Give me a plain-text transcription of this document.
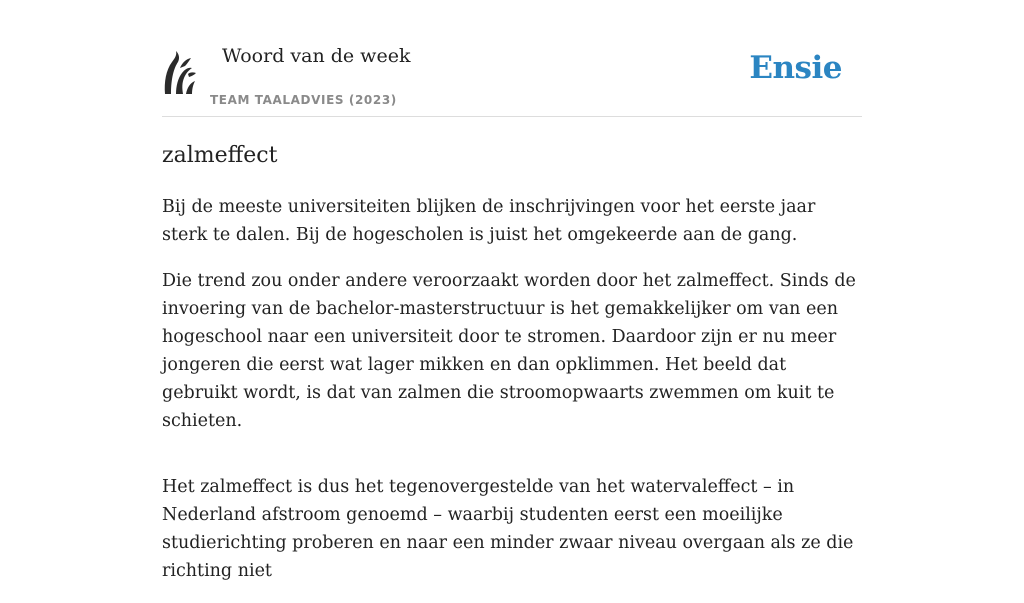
Woord van de week
TEAM TAALADVIES (2023)
Ensie
zalmeffect

Bij de meeste universiteiten blijken de inschrijvingen voor het eerste jaar sterk te dalen. Bij de hogescholen is juist het omgekeerde aan de gang.

Die trend zou onder andere veroorzaakt worden door het zalmeffect. Sinds de invoering van de bachelor-masterstructuur is het gemakkelijker om van een hogeschool naar een universiteit door te stromen. Daardoor zijn er nu meer jongeren die eerst wat lager mikken en dan opklimmen. Het beeld dat gebruikt wordt, is dat van zalmen die stroomopwaarts zwemmen om kuit te schieten.

Het zalmeffect is dus het tegenovergestelde van het watervaleffect – in Nederland afstroom genoemd – waarbij studenten eerst een moeilijke studierichting proberen en naar een minder zwaar niveau overgaan als ze die richting niet
